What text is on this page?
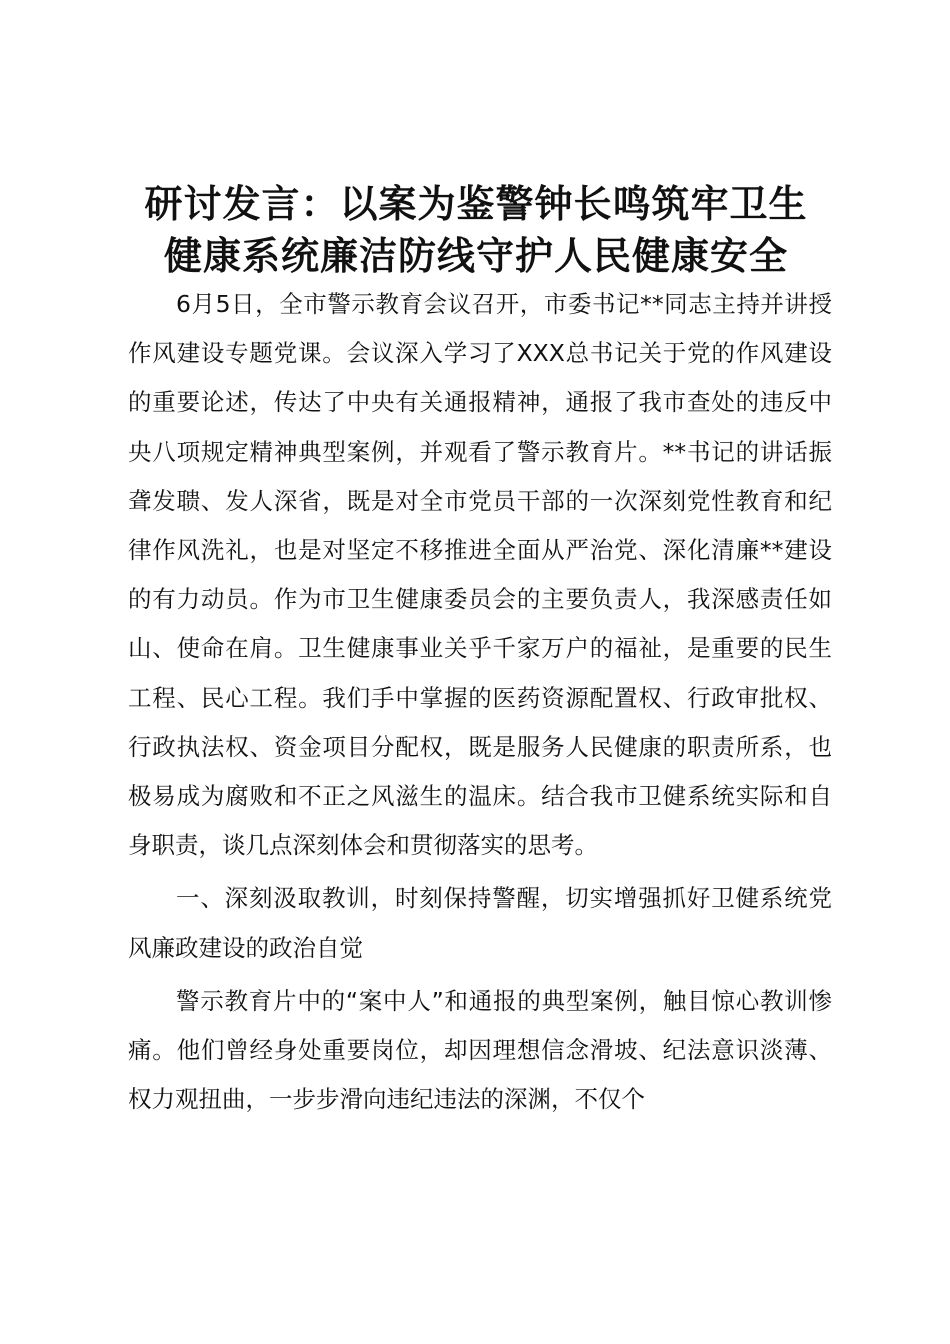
研讨发言：以案为鉴警钟长鸣筑牢卫生
健康系统廉洁防线守护人民健康安全

6月5日，全市警示教育会议召开，市委书记**同志主持并讲授作风建设专题党课。会议深入学习了XXX总书记关于党的作风建设的重要论述，传达了中央有关通报精神，通报了我市查处的违反中央八项规定精神典型案例，并观看了警示教育片。**书记的讲话振聋发聩、发人深省，既是对全市党员干部的一次深刻党性教育和纪律作风洗礼，也是对坚定不移推进全面从严治党、深化清廉**建设的有力动员。作为市卫生健康委员会的主要负责人，我深感责任如山、使命在肩。卫生健康事业关乎千家万户的福祉，是重要的民生工程、民心工程。我们手中掌握的医药资源配置权、行政审批权、行政执法权、资金项目分配权，既是服务人民健康的职责所系，也极易成为腐败和不正之风滋生的温床。结合我市卫健系统实际和自身职责，谈几点深刻体会和贯彻落实的思考。

一、深刻汲取教训，时刻保持警醒，切实增强抓好卫健系统党风廉政建设的政治自觉

警示教育片中的“案中人”和通报的典型案例，触目惊心教训惨痛。他们曾经身处重要岗位，却因理想信念滑坡、纪法意识淡薄、权力观扭曲，一步步滑向违纪违法的深渊，不仅个
